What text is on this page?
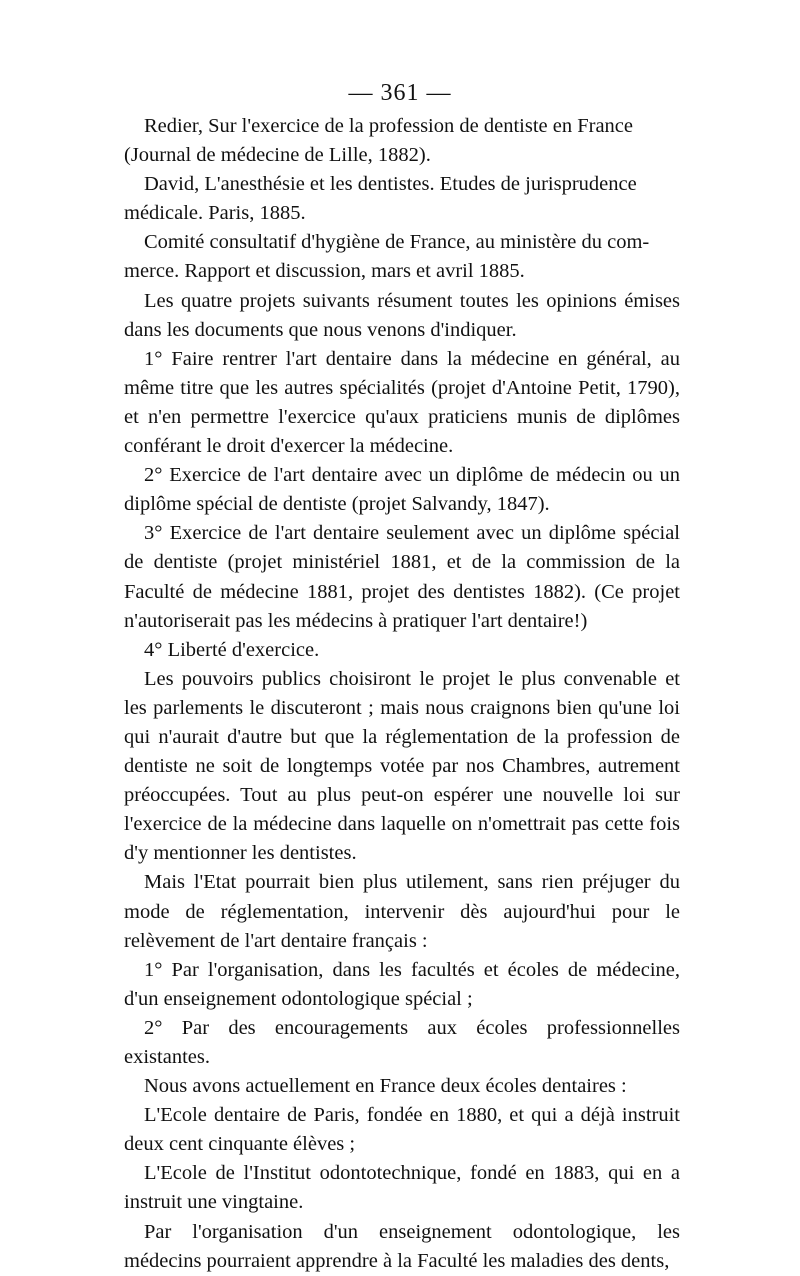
— 361 —

Redier, Sur l'exercice de la profession de dentiste en France
(Journal de médecine de Lille, 1882).

David, L'anesthésie et les dentistes. Etudes de jurisprudence
médicale. Paris, 1885.

Comité consultatif d'hygiène de France, au ministère du com-
merce. Rapport et discussion, mars et avril 1885.

Les quatre projets suivants résument toutes les opinions émises dans les documents que nous venons d'indiquer.

1° Faire rentrer l'art dentaire dans la médecine en général, au même titre que les autres spécialités (projet d'Antoine Petit, 1790), et n'en permettre l'exercice qu'aux praticiens munis de diplômes conférant le droit d'exercer la médecine.

2° Exercice de l'art dentaire avec un diplôme de médecin ou un diplôme spécial de dentiste (projet Salvandy, 1847).

3° Exercice de l'art dentaire seulement avec un diplôme spécial de dentiste (projet ministériel 1881, et de la commission de la Faculté de médecine 1881, projet des dentistes 1882). (Ce projet n'autoriserait pas les médecins à pratiquer l'art dentaire!)

4° Liberté d'exercice.

Les pouvoirs publics choisiront le projet le plus convenable et les parlements le discuteront ; mais nous craignons bien qu'une loi qui n'aurait d'autre but que la réglementation de la profession de dentiste ne soit de longtemps votée par nos Chambres, autrement préoccupées. Tout au plus peut-on espérer une nouvelle loi sur l'exercice de la médecine dans laquelle on n'omettrait pas cette fois d'y mentionner les dentistes.

Mais l'Etat pourrait bien plus utilement, sans rien préjuger du mode de réglementation, intervenir dès aujourd'hui pour le relèvement de l'art dentaire français :

1° Par l'organisation, dans les facultés et écoles de médecine, d'un enseignement odontologique spécial ;

2° Par des encouragements aux écoles professionnelles existantes.

Nous avons actuellement en France deux écoles dentaires :

L'Ecole dentaire de Paris, fondée en 1880, et qui a déjà instruit deux cent cinquante élèves ;

L'Ecole de l'Institut odontotechnique, fondé en 1883, qui en a instruit une vingtaine.

Par l'organisation d'un enseignement odontologique, les médecins pourraient apprendre à la Faculté les maladies des dents,
